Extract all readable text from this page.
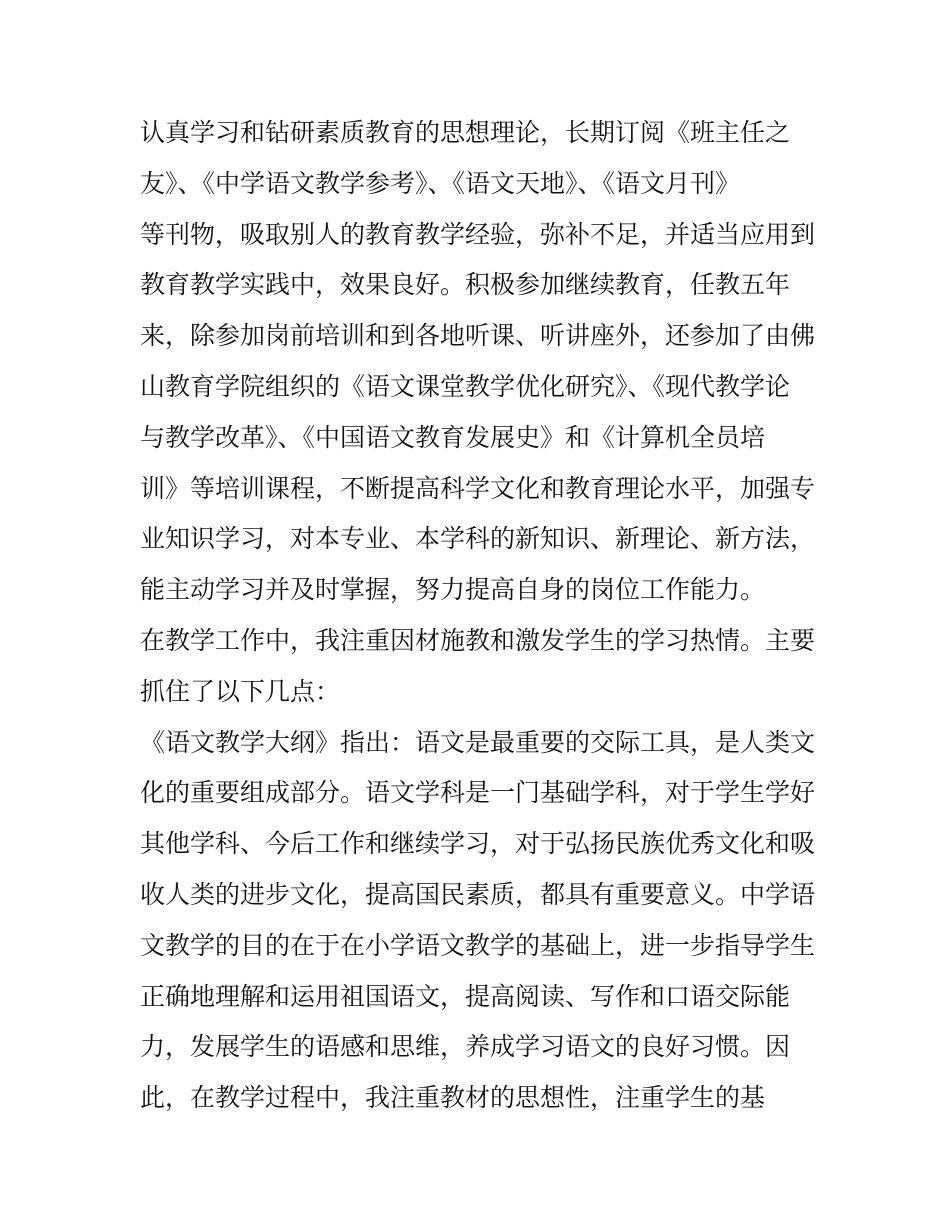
认真学习和钻研素质教育的思想理论，长期订阅《班主任之
友》、《中学语文教学参考》、《语文天地》、《语文月刊》
等刊物，吸取别人的教育教学经验，弥补不足，并适当应用到
教育教学实践中，效果良好。积极参加继续教育，任教五年
来，除参加岗前培训和到各地听课、听讲座外，还参加了由佛
山教育学院组织的《语文课堂教学优化研究》、《现代教学论
与教学改革》、《中国语文教育发展史》和《计算机全员培
训》等培训课程，不断提高科学文化和教育理论水平，加强专
业知识学习，对本专业、本学科的新知识、新理论、新方法，
能主动学习并及时掌握，努力提高自身的岗位工作能力。
在教学工作中，我注重因材施教和激发学生的学习热情。主要
抓住了以下几点：
《语文教学大纲》指出：语文是最重要的交际工具，是人类文
化的重要组成部分。语文学科是一门基础学科，对于学生学好
其他学科、今后工作和继续学习，对于弘扬民族优秀文化和吸
收人类的进步文化，提高国民素质，都具有重要意义。中学语
文教学的目的在于在小学语文教学的基础上，进一步指导学生
正确地理解和运用祖国语文，提高阅读、写作和口语交际能
力，发展学生的语感和思维，养成学习语文的良好习惯。因
此，在教学过程中，我注重教材的思想性，注重学生的基
